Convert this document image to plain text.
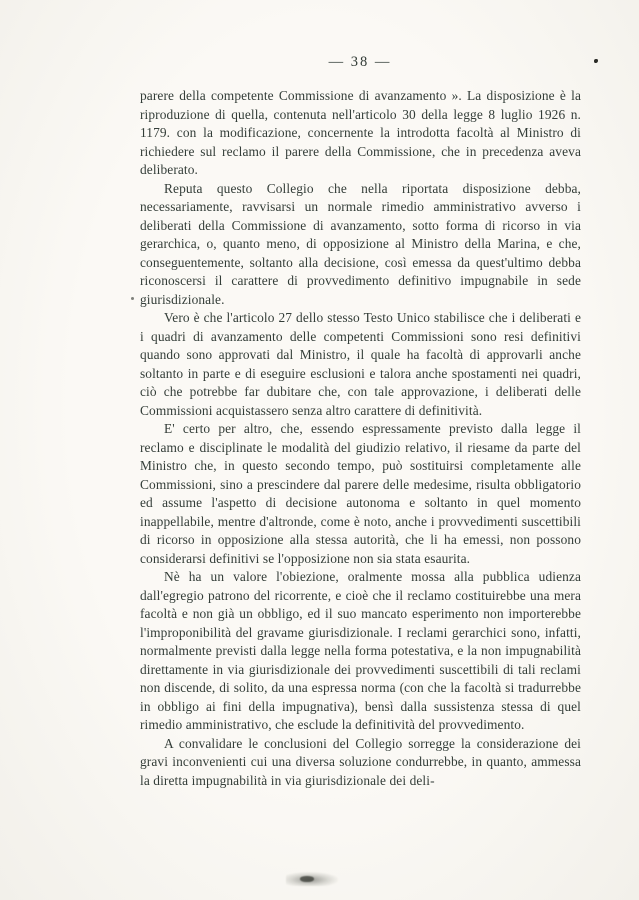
— 38 —

parere della competente Commissione di avanzamento ». La disposizione è la riproduzione di quella, contenuta nell'articolo 30 della legge 8 luglio 1926 n. 1179. con la modificazione, concernente la introdotta facoltà al Ministro di richiedere sul reclamo il parere della Commissione, che in precedenza aveva deliberato.

Reputa questo Collegio che nella riportata disposizione debba, necessariamente, ravvisarsi un normale rimedio amministrativo avverso i deliberati della Commissione di avanzamento, sotto forma di ricorso in via gerarchica, o, quanto meno, di opposizione al Ministro della Marina, e che, conseguentemente, soltanto alla decisione, così emessa da quest'ultimo debba riconoscersi il carattere di provvedimento definitivo impugnabile in sede giurisdizionale.

Vero è che l'articolo 27 dello stesso Testo Unico stabilisce che i deliberati e i quadri di avanzamento delle competenti Commissioni sono resi definitivi quando sono approvati dal Ministro, il quale ha facoltà di approvarli anche soltanto in parte e di eseguire esclusioni e talora anche spostamenti nei quadri, ciò che potrebbe far dubitare che, con tale approvazione, i deliberati delle Commissioni acquistassero senza altro carattere di definitività.

E' certo per altro, che, essendo espressamente previsto dalla legge il reclamo e disciplinate le modalità del giudizio relativo, il riesame da parte del Ministro che, in questo secondo tempo, può sostituirsi completamente alle Commissioni, sino a prescindere dal parere delle medesime, risulta obbligatorio ed assume l'aspetto di decisione autonoma e soltanto in quel momento inappellabile, mentre d'altronde, come è noto, anche i provvedimenti suscettibili di ricorso in opposizione alla stessa autorità, che li ha emessi, non possono considerarsi definitivi se l'opposizione non sia stata esaurita.

Nè ha un valore l'obiezione, oralmente mossa alla pubblica udienza dall'egregio patrono del ricorrente, e cioè che il reclamo costituirebbe una mera facoltà e non già un obbligo, ed il suo mancato esperimento non importerebbe l'improponibilità del gravame giurisdizionale. I reclami gerarchici sono, infatti, normalmente previsti dalla legge nella forma potestativa, e la non impugnabilità direttamente in via giurisdizionale dei provvedimenti suscettibili di tali reclami non discende, di solito, da una espressa norma (con che la facoltà si tradurrebbe in obbligo ai fini della impugnativa), bensì dalla sussistenza stessa di quel rimedio amministrativo, che esclude la definitività del provvedimento.

A convalidare le conclusioni del Collegio sorregge la considerazione dei gravi inconvenienti cui una diversa soluzione condurrebbe, in quanto, ammessa la diretta impugnabilità in via giurisdizionale dei deli-
